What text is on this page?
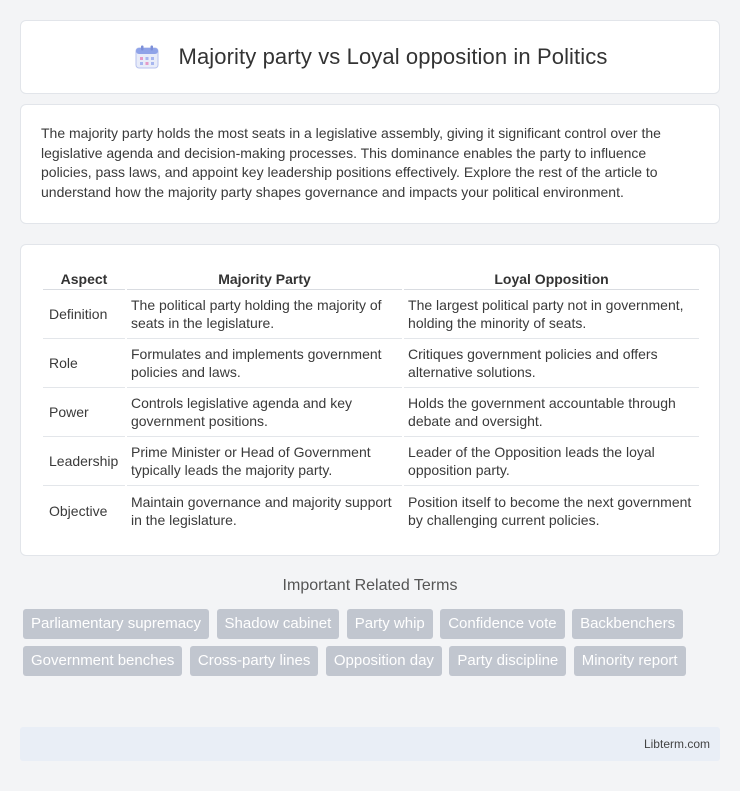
Majority party vs Loyal opposition in Politics

The majority party holds the most seats in a legislative assembly, giving it significant control over the legislative agenda and decision-making processes. This dominance enables the party to influence policies, pass laws, and appoint key leadership positions effectively. Explore the rest of the article to understand how the majority party shapes governance and impacts your political environment.

Aspect	Majority Party	Loyal Opposition
Definition	The political party holding the majority of seats in the legislature.	The largest political party not in government, holding the minority of seats.
Role	Formulates and implements government policies and laws.	Critiques government policies and offers alternative solutions.
Power	Controls legislative agenda and key government positions.	Holds the government accountable through debate and oversight.
Leadership	Prime Minister or Head of Government typically leads the majority party.	Leader of the Opposition leads the loyal opposition party.
Objective	Maintain governance and majority support in the legislature.	Position itself to become the next government by challenging current policies.
Important Related Terms
Parliamentary supremacy Shadow cabinet Party whip Confidence vote Backbenchers Government benches Cross-party lines Opposition day Party discipline Minority report
Libterm.com
